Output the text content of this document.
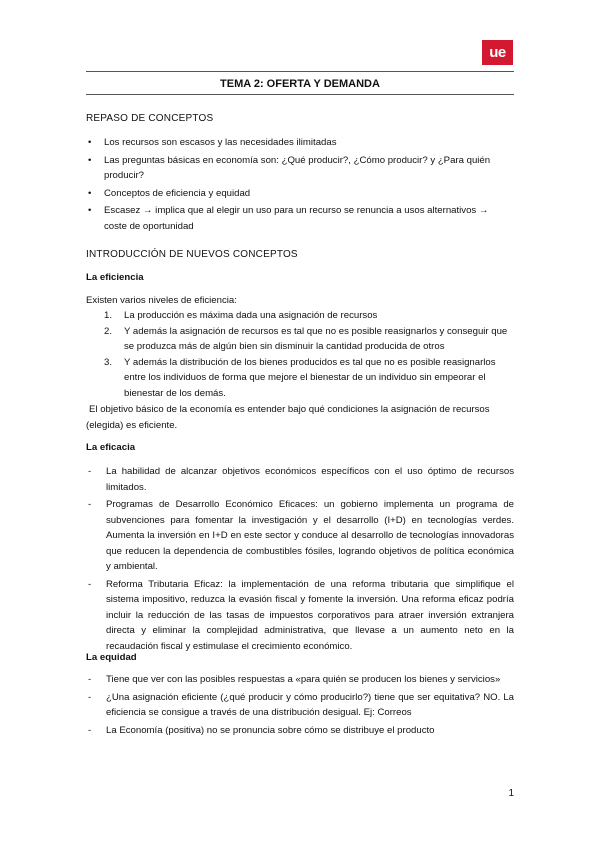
ue
TEMA 2: OFERTA Y DEMANDA
REPASO DE CONCEPTOS
• Los recursos son escasos y las necesidades ilimitadas
• Las preguntas básicas en economía son: ¿Qué producir?, ¿Cómo producir? y ¿Para quién producir?
• Conceptos de eficiencia y equidad
• Escasez → implica que al elegir un uso para un recurso se renuncia a usos alternativos → coste de oportunidad
INTRODUCCIÓN DE NUEVOS CONCEPTOS
La eficiencia
Existen varios niveles de eficiencia:
1. La producción es máxima dada una asignación de recursos
2. Y además la asignación de recursos es tal que no es posible reasignarlos y conseguir que se produzca más de algún bien sin disminuir la cantidad producida de otros
3. Y además la distribución de los bienes producidos es tal que no es posible reasignarlos entre los individuos de forma que mejore el bienestar de un individuo sin empeorar el bienestar de los demás.
El objetivo básico de la economía es entender bajo qué condiciones la asignación de recursos (elegida) es eficiente.
La eficacia
- La habilidad de alcanzar objetivos económicos específicos con el uso óptimo de recursos limitados.
- Programas de Desarrollo Económico Eficaces: un gobierno implementa un programa de subvenciones para fomentar la investigación y el desarrollo (I+D) en tecnologías verdes. Aumenta la inversión en I+D en este sector y conduce al desarrollo de tecnologías innovadoras que reducen la dependencia de combustibles fósiles, logrando objetivos de política económica y ambiental.
- Reforma Tributaria Eficaz: la implementación de una reforma tributaria que simplifique el sistema impositivo, reduzca la evasión fiscal y fomente la inversión. Una reforma eficaz podría incluir la reducción de las tasas de impuestos corporativos para atraer inversión extranjera directa y eliminar la complejidad administrativa, que llevase a un aumento neto en la recaudación fiscal y estimulase el crecimiento económico.
La equidad
- Tiene que ver con las posibles respuestas a «para quién se producen los bienes y servicios»
- ¿Una asignación eficiente (¿qué producir y cómo producirlo?) tiene que ser equitativa? NO. La eficiencia se consigue a través de una distribución desigual. Ej: Correos
- La Economía (positiva) no se pronuncia sobre cómo se distribuye el producto
1
